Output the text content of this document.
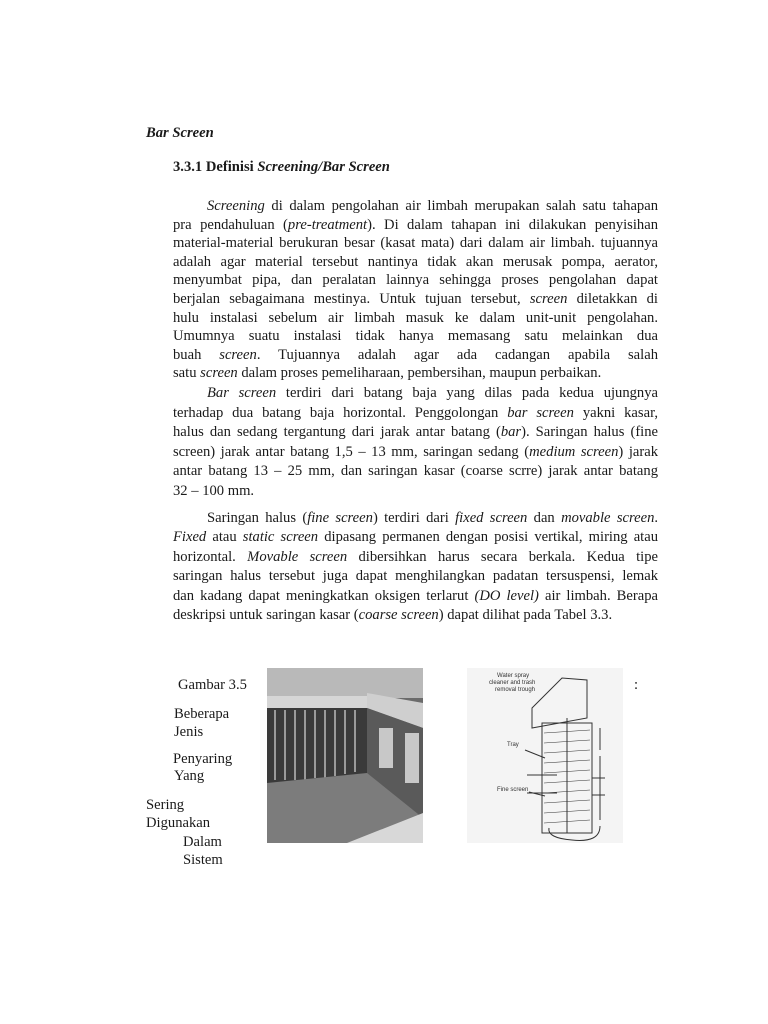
Bar Screen
3.3.1 Definisi Screening/Bar Screen
Screening di dalam pengolahan air limbah merupakan salah satu tahapan
pra pendahuluan (pre-treatment). Di dalam tahapan ini dilakukan penyisihan
material-material berukuran besar (kasat mata) dari dalam air limbah. tujuannya
adalah agar material tersebut nantinya tidak akan merusak pompa, aerator,
menyumbat pipa, dan peralatan lainnya sehingga proses pengolahan dapat
berjalan sebagaimana mestinya. Untuk tujuan tersebut, screen diletakkan di
hulu instalasi sebelum air limbah masuk ke dalam unit-unit pengolahan.
Umumnya suatu instalasi tidak hanya memasang satu melainkan dua
buah screen. Tujuannya adalah agar ada cadangan apabila salah
satu screen dalam proses pemeliharaan, pembersihan, maupun perbaikan.
Bar screen terdiri dari batang baja yang dilas pada kedua ujungnya
terhadap dua batang baja horizontal. Penggolongan bar screen yakni kasar,
halus dan sedang tergantung dari jarak antar batang (bar). Saringan halus (fine
screen) jarak antar batang 1,5 – 13 mm, saringan sedang (medium screen) jarak
antar batang 13 – 25 mm, dan saringan kasar (coarse scrre) jarak antar batang
32 – 100 mm.
Saringan halus (fine screen) terdiri dari fixed screen dan movable screen.
Fixed atau static screen dipasang permanen dengan posisi vertikal, miring atau
horizontal. Movable screen dibersihkan harus secara berkala. Kedua tipe
saringan halus tersebut juga dapat menghilangkan padatan tersuspensi, lemak
dan kadang dapat meningkatkan oksigen terlarut (DO level) air limbah. Berapa
deskripsi untuk saringan kasar (coarse screen) dapat dilihat pada Tabel 3.3.
Gambar 3.5
Beberapa
Jenis
Penyaring
Yang
Sering
Digunakan
Dalam
Sistem
:
Water spray
cleaner and trash
removal trough
Tray
Fine screen
